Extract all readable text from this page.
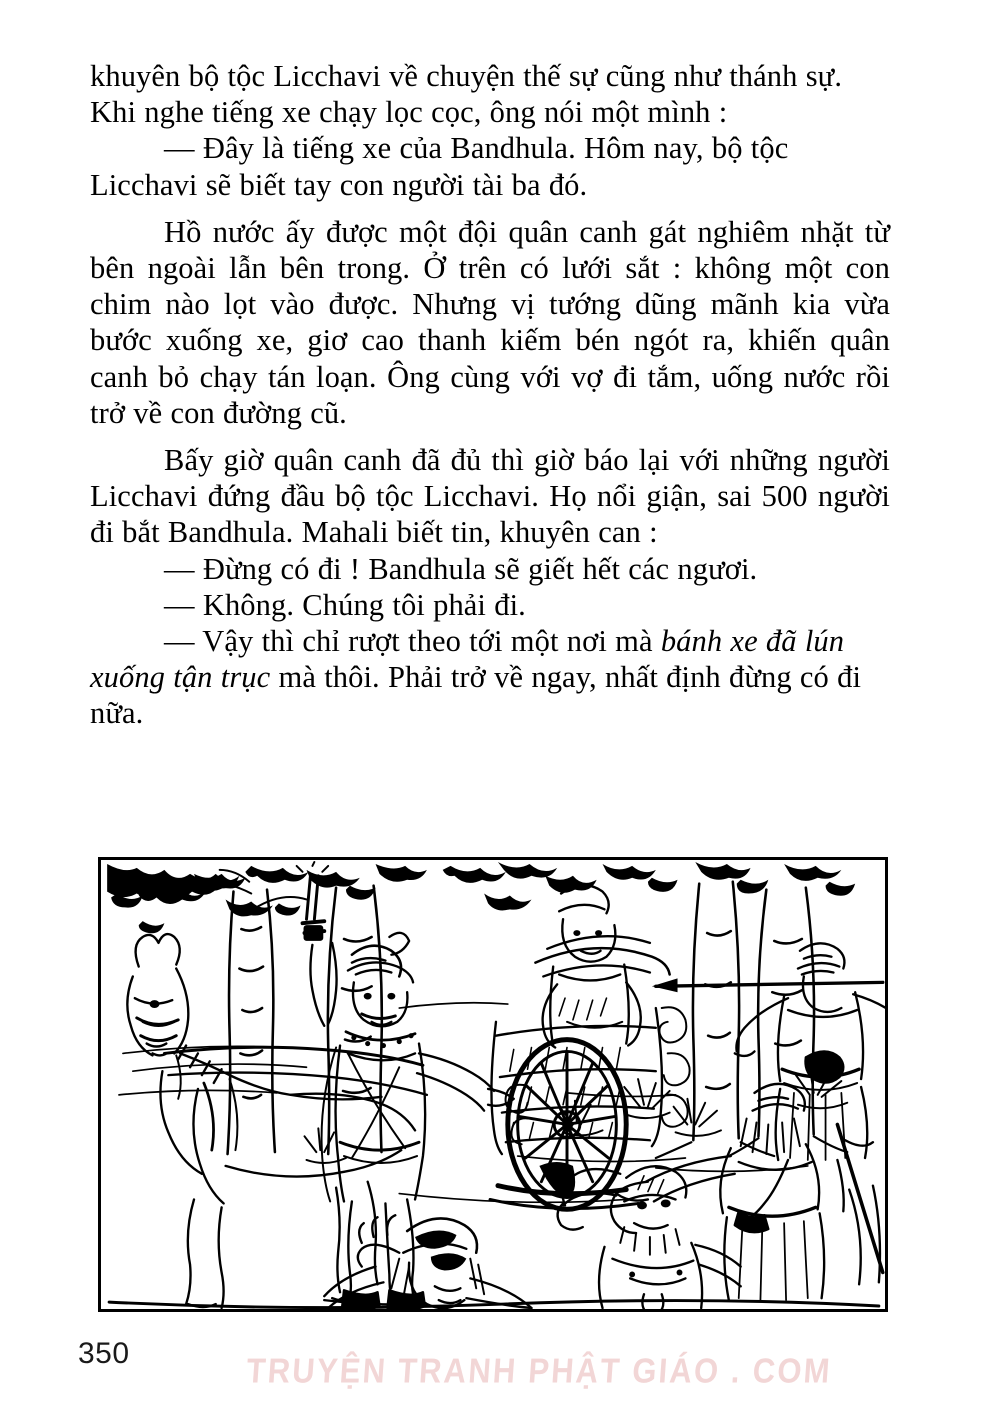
khuyên bộ tộc Licchavi về chuyện thế sự cũng như thánh sự. Khi nghe tiếng xe chạy lọc cọc, ông nói một mình :

— Đây là tiếng xe của Bandhula. Hôm nay, bộ tộc Licchavi sẽ biết tay con người tài ba đó.

Hồ nước ấy được một đội quân canh gát nghiêm nhặt từ bên ngoài lẫn bên trong. Ở trên có lưới sắt : không một con chim nào lọt vào được. Nhưng vị tướng dũng mãnh kia vừa bước xuống xe, giơ cao thanh kiếm bén ngót ra, khiến quân canh bỏ chạy tán loạn. Ông cùng với vợ đi tắm, uống nước rồi trở về con đường cũ.

Bấy giờ quân canh đã đủ thì giờ báo lại với những người Licchavi đứng đầu bộ tộc Licchavi. Họ nổi giận, sai 500 người đi bắt Bandhula. Mahali biết tin, khuyên can :

— Đừng có đi ! Bandhula sẽ giết hết các ngươi.

— Không. Chúng tôi phải đi.

— Vậy thì chỉ rượt theo tới một nơi mà bánh xe đã lún xuống tận trục mà thôi. Phải trở về ngay, nhất định đừng có đi nữa.

350	TRUYỆN TRANH PHẬT GIÁO . COM
